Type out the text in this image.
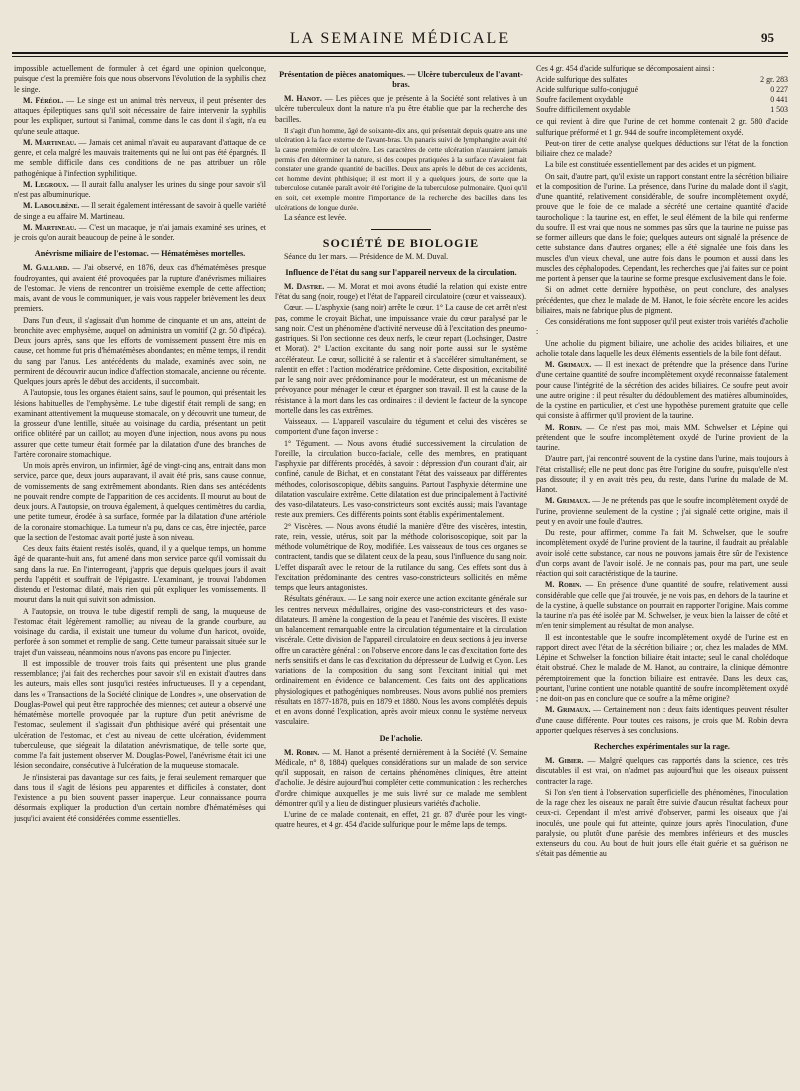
LA SEMAINE MÉDICALE	95

impossible actuellement de formuler à cet égard une opinion quelconque, puisque c'est la première fois que nous observons l'évolution de la syphilis chez le singe.

M. Féréol. — Le singe est un animal très nerveux, il peut présenter des attaques épileptiques sans qu'il soit nécessaire de faire intervenir la syphilis pour les expliquer, surtout si l'animal, comme dans le cas dont il s'agit, n'a eu qu'une seule attaque.

M. Martineau. — Jamais cet animal n'avait eu auparavant d'attaque de ce genre, et cela malgré les mauvais traitements qui ne lui ont pas été épargnés. Il me semble difficile dans ces conditions de ne pas attribuer un rôle pathogénique à l'infection syphilitique.

M. Legroux. — Il aurait fallu analyser les urines du singe pour savoir s'il n'est pas albuminurique.

M. Laboulbène. — Il serait également intéressant de savoir à quelle variété de singe a eu affaire M. Martineau.

M. Martineau. — C'est un macaque, je n'ai jamais examiné ses urines, et je crois qu'on aurait beaucoup de peine à le sonder.

Anévrisme miliaire de l'estomac. — Hématémèses mortelles.

M. Gallard. — J'ai observé, en 1876, deux cas d'hématémèses presque foudroyantes, qui avaient été provoquées par la rupture d'anévrismes miliaires de l'estomac. Je viens de rencontrer un troisième exemple de cette affection; mais, avant de vous le communiquer, je vais vous rappeler brièvement les deux premiers.

Dans l'un d'eux, il s'agissait d'un homme de cinquante et un ans, atteint de bronchite avec emphysème, auquel on administra un vomitif (2 gr. 50 d'ipéca). Deux jours après, sans que les efforts de vomissement pussent être mis en cause, cet homme fut pris d'hématémèses abondantes; en même temps, il rendit du sang par l'anus. Les antécédents du malade, examinés avec soin, ne permirent de découvrir aucun indice d'affection stomacale, ancienne ou récente. Quelques jours après le début des accidents, il succombait.

A l'autopsie, tous les organes étaient sains, sauf le poumon, qui présentait les lésions habituelles de l'emphysème. Le tube digestif était rempli de sang; en examinant attentivement la muqueuse stomacale, on y découvrit une tumeur, de la grosseur d'une lentille, située au voisinage du cardia, présentant un petit orifice oblitéré par un caillot; au moyen d'une injection, nous avons pu nous assurer que cette tumeur était formée par la dilatation d'une des branches de l'artère coronaire stomachique.

Un mois après environ, un infirmier, âgé de vingt-cinq ans, entrait dans mon service, parce que, deux jours auparavant, il avait été pris, sans cause connue, de vomissements de sang extrêmement abondants. Rien dans ses antécédents ne pouvait rendre compte de l'apparition de ces accidents. Il mourut au bout de deux jours. A l'autopsie, on trouva également, à quelques centimètres du cardia, une petite tumeur, érodée à sa surface, formée par la dilatation d'une artériole de la coronaire stomachique. La tumeur n'a pu, dans ce cas, être injectée, parce que la section de l'estomac avait porté juste à son niveau.

Ces deux faits étaient restés isolés, quand, il y a quelque temps, un homme âgé de quarante-huit ans, fut amené dans mon service parce qu'il vomissait du sang dans la rue. En l'interrogeant, j'appris que depuis quelques jours il avait perdu l'appétit et souffrait de l'épigastre. L'examinant, je trouvai l'abdomen distendu et l'estomac dilaté, mais rien qui pût expliquer les vomissements. Il mourut dans la nuit qui suivit son admission.

A l'autopsie, on trouva le tube digestif rempli de sang, la muqueuse de l'estomac était légèrement ramollie; au niveau de la grande courbure, au voisinage du cardia, il existait une tumeur du volume d'un haricot, ovoïde, perforée à son sommet et remplie de sang. Cette tumeur paraissait située sur le trajet d'un vaisseau, néanmoins nous n'avons pas encore pu l'injecter.

Il est impossible de trouver trois faits qui présentent une plus grande ressemblance; j'ai fait des recherches pour savoir s'il en existait d'autres dans les auteurs, mais elles sont jusqu'ici restées infructueuses. Il y a cependant, dans les « Transactions de la Société clinique de Londres », une observation de Douglas-Powel qui peut être rapprochée des miennes; cet auteur a observé une hématémèse mortelle provoquée par la rupture d'un petit anévrisme de l'estomac, seulement il s'agissait d'un phthisique avéré qui présentait une ulcération de l'estomac, et c'est au niveau de cette ulcération, évidemment tuberculeuse, que siégeait la dilatation anévrismatique, de telle sorte que, comme l'a fait justement observer M. Douglas-Powel, l'anévrisme était ici une lésion secondaire, consécutive à l'ulcération de la muqueuse stomacale.

Je n'insisterai pas davantage sur ces faits, je ferai seulement remarquer que dans tous il s'agit de lésions peu apparentes et difficiles à constater, dont l'existence a pu bien souvent passer inaperçue. Leur connaissance pourra désormais expliquer la production d'un certain nombre d'hématémèses qui jusqu'ici avaient été considérées comme essentielles.

Présentation de pièces anatomiques. — Ulcère tuberculeux de l'avant-bras.

M. Hanot. — Les pièces que je présente à la Société sont relatives à un ulcère tuberculeux dont la nature n'a pu être établie que par la recherche des bacilles.

Il s'agit d'un homme, âgé de soixante-dix ans, qui présentait depuis quatre ans une ulcération à la face externe de l'avant-bras. Un panaris suivi de lymphangite avait été la cause première de cet ulcère. Les caractères de cette ulcération n'auraient jamais permis d'en déterminer la nature, si des coupes pratiquées à la surface n'avaient fait constater une grande quantité de bacilles. Deux ans après le début de ces accidents, cet homme devint phthisique; il est mort il y a quelques jours, de sorte que la tuberculose cutanée paraît avoir été l'origine de la tuberculose pulmonaire. Quoi qu'il en soit, cet exemple montre l'importance de la recherche des bacilles dans les ulcérations de longue durée.

La séance est levée.

SOCIÉTÉ DE BIOLOGIE

Séance du 1er mars. — Présidence de M. M. Duval.

Influence de l'état du sang sur l'appareil nerveux de la circulation.

M. Dastre. — M. Morat et moi avons étudié la relation qui existe entre l'état du sang (noir, rouge) et l'état de l'appareil circulatoire (cœur et vaisseaux).

Cœur. — L'asphyxie (sang noir) arrête le cœur. 1° La cause de cet arrêt n'est pas, comme le croyait Bichat, une impuissance vraie du cœur paralysé par le sang noir. C'est un phénomène d'activité nerveuse dû à l'excitation des pneumo-gastriques. Si l'on sectionne ces deux nerfs, le cœur repart (Lochsinger, Dastre et Morat). 2° L'action excitante du sang noir porte aussi sur le système accélérateur. Le cœur, sollicité à se ralentir et à s'accélérer simultanément, se ralentit en effet : l'action modératrice prédomine. Cette disposition, excitabilité par le sang noir avec prédominance pour le modérateur, est un mécanisme de prévoyance pour ménager le cœur et épargner son travail. Il est la cause de la résistance à la mort dans les cas ordinaires : il devient le facteur de la syncope mortelle dans les cas extrêmes.

Vaisseaux. — L'appareil vasculaire du tégument et celui des viscères se comportent d'une façon inverse :

1° Tégument. — Nous avons étudié successivement la circulation de l'oreille, la circulation bucco-faciale, celle des membres, en pratiquant l'asphyxie par différents procédés, à savoir : dépression d'un courant d'air, air confiné, canule de Bichat, et en constatant l'état des vaisseaux par différentes méthodes, colorisoscopique, débits sanguins. Partout l'asphyxie détermine une dilatation vasculaire extrême. Cette dilatation est due principalement à l'activité des vaso-dilatateurs. Les vaso-constricteurs sont excités aussi; mais l'avantage reste aux premiers. Ces différents points sont établis expérimentalement.

2° Viscères. — Nous avons étudié la manière d'être des viscères, intestin, rate, rein, vessie, utérus, soit par la méthode colorisoscopique, soit par la méthode volumétrique de Roy, modifiée. Les vaisseaux de tous ces organes se contractent, tandis que se dilatent ceux de la peau, sous l'influence du sang noir. L'effet disparaît avec le retour de la rutilance du sang. Ces effets sont dus à l'excitation prédominante des centres vaso-constricteurs sollicités en même temps que leurs antagonistes.

Résultats généraux. — Le sang noir exerce une action excitante générale sur les centres nerveux médullaires, origine des vaso-constricteurs et des vaso-dilatateurs. Il amène la congestion de la peau et l'anémie des viscères. Il existe un balancement remarquable entre la circulation tégumentaire et la circulation viscérale. Cette division de l'appareil circulatoire en deux sections à jeu inverse offre un caractère général : on l'observe encore dans le cas d'excitation forte des nerfs sensitifs et dans le cas d'excitation du dépresseur de Ludwig et Cyon. Les variations de la composition du sang sont l'excitant initial qui met ordinairement en évidence ce balancement. Ces faits ont des applications physiologiques et pathogéniques nombreuses. Nous avons publié nos premiers résultats en 1877-1878, puis en 1879 et 1880. Nous les avons complétés depuis et en avons donné l'explication, après avoir mieux connu le système nerveux vasculaire.

De l'acholie.

M. Robin. — M. Hanot a présenté dernièrement à la Société (V. Semaine Médicale, n° 8, 1884) quelques considérations sur un malade de son service qu'il supposait, en raison de certains phénomènes cliniques, être atteint d'acholie. Je désire aujourd'hui compléter cette communication : les recherches d'ordre chimique auxquelles je me suis livré sur ce malade me semblent démontrer qu'il y a lieu de distinguer plusieurs variétés d'acholie.

L'urine de ce malade contenait, en effet, 21 gr. 87 d'urée pour les vingt-quatre heures, et 4 gr. 454 d'acide sulfurique pour le même laps de temps.

Ces 4 gr. 454 d'acide sulfurique se décomposaient ainsi :

Acide sulfurique des sulfates	2 gr. 283
Acide sulfurique sulfo-conjugué	0 227
Soufre facilement oxydable	0 441
Soufre difficilement oxydable	1 503

ce qui revient à dire que l'urine de cet homme contenait 2 gr. 580 d'acide sulfurique préformé et 1 gr. 944 de soufre incomplètement oxydé.

Peut-on tirer de cette analyse quelques déductions sur l'état de la fonction biliaire chez ce malade?

La bile est constituée essentiellement par des acides et un pigment.

On sait, d'autre part, qu'il existe un rapport constant entre la sécrétion biliaire et la composition de l'urine. La présence, dans l'urine du malade dont il s'agit, d'une quantité, relativement considérable, de soufre incomplètement oxydé, prouve que le foie de ce malade a sécrété une certaine quantité d'acide taurocholique : la taurine est, en effet, le seul élément de la bile qui renferme du soufre. Il est vrai que nous ne sommes pas sûrs que la taurine ne puisse pas se former ailleurs que dans le foie; quelques auteurs ont signalé la présence de cette substance dans d'autres organes; elle a été signalée une fois dans les muscles d'un vieux cheval, une autre fois dans le poumon et aussi dans les muscles des céphalopodes. Cependant, les recherches que j'ai faites sur ce point me portent à penser que la taurine se forme presque exclusivement dans le foie.

Si on admet cette dernière hypothèse, on peut conclure, des analyses précédentes, que chez le malade de M. Hanot, le foie sécrète encore les acides biliaires, mais ne fabrique plus de pigment.

Ces considérations me font supposer qu'il peut exister trois variétés d'acholie :

Une acholie du pigment biliaire, une acholie des acides biliaires, et une acholie totale dans laquelle les deux éléments essentiels de la bile font défaut.

M. Grimaux. — Il est inexact de prétendre que la présence dans l'urine d'une certaine quantité de soufre incomplètement oxydé reconnaisse fatalement pour cause l'intégrité de la sécrétion des acides biliaires. Ce soufre peut avoir une autre origine : il peut résulter du dédoublement des matières albuminoïdes, de la cystine en particulier, et c'est une hypothèse purement gratuite que celle qui consiste à affirmer qu'il provient de la taurine.

M. Robin. — Ce n'est pas moi, mais MM. Schwelser et Lépine qui prétendent que le soufre incomplètement oxydé de l'urine provient de la taurine.

D'autre part, j'ai rencontré souvent de la cystine dans l'urine, mais toujours à l'état cristallisé; elle ne peut donc pas être l'origine du soufre, puisqu'elle n'est pas dissoute; il y en avait très peu, du reste, dans l'urine du malade de M. Hanot.

M. Grimaux. — Je ne prétends pas que le soufre incomplètement oxydé de l'urine, provienne seulement de la cystine ; j'ai signalé cette origine, mais il peut y en avoir une foule d'autres.

Du reste, pour affirmer, comme l'a fait M. Schwelser, que le soufre incomplètement oxydé de l'urine provient de la taurine, il faudrait au préalable avoir isolé cette substance, car nous ne pouvons jamais être sûr de l'existence d'un corps avant de l'avoir isolé. Je ne connais pas, pour ma part, une seule réaction qui soit caractéristique de la taurine.

M. Robin. — En présence d'une quantité de soufre, relativement aussi considérable que celle que j'ai trouvée, je ne vois pas, en dehors de la taurine et de la cystine, à quelle substance on pourrait en rapporter l'origine. Mais comme la taurine n'a pas été isolée par M. Schwelser, je veux bien la laisser de côté et m'en tenir simplement au résultat de mon analyse.

Il est incontestable que le soufre incomplètement oxydé de l'urine est en rapport direct avec l'état de la sécrétion biliaire ; or, chez les malades de MM. Lépine et Schwelser la fonction biliaire était intacte; seul le canal cholédoque était obstrué. Chez le malade de M. Hanot, au contraire, la clinique démontre péremptoirement que la fonction biliaire est entravée. Dans les deux cas, pourtant, l'urine contient une notable quantité de soufre incomplètement oxydé ; ne doit-on pas en conclure que ce soufre a la même origine?

M. Grimaux. — Certainement non : deux faits identiques peuvent résulter d'une cause différente. Pour toutes ces raisons, je crois que M. Robin devra apporter quelques réserves à ses conclusions.

Recherches expérimentales sur la rage.

M. Gibier. — Malgré quelques cas rapportés dans la science, ces très discutables il est vrai, on n'admet pas aujourd'hui que les oiseaux puissent contracter la rage.

Si l'on s'en tient à l'observation superficielle des phénomènes, l'inoculation de la rage chez les oiseaux ne paraît être suivie d'aucun résultat facheux pour ceux-ci. Cependant il m'est arrivé d'observer, parmi les oiseaux que j'ai inoculés, une poule qui fut atteinte, quinze jours après l'inoculation, d'une paralysie, ou plutôt d'une parésie des membres inférieurs et des muscles extenseurs du cou. Au bout de huit jours elle était guérie et sa guérison ne s'était pas démentie au
